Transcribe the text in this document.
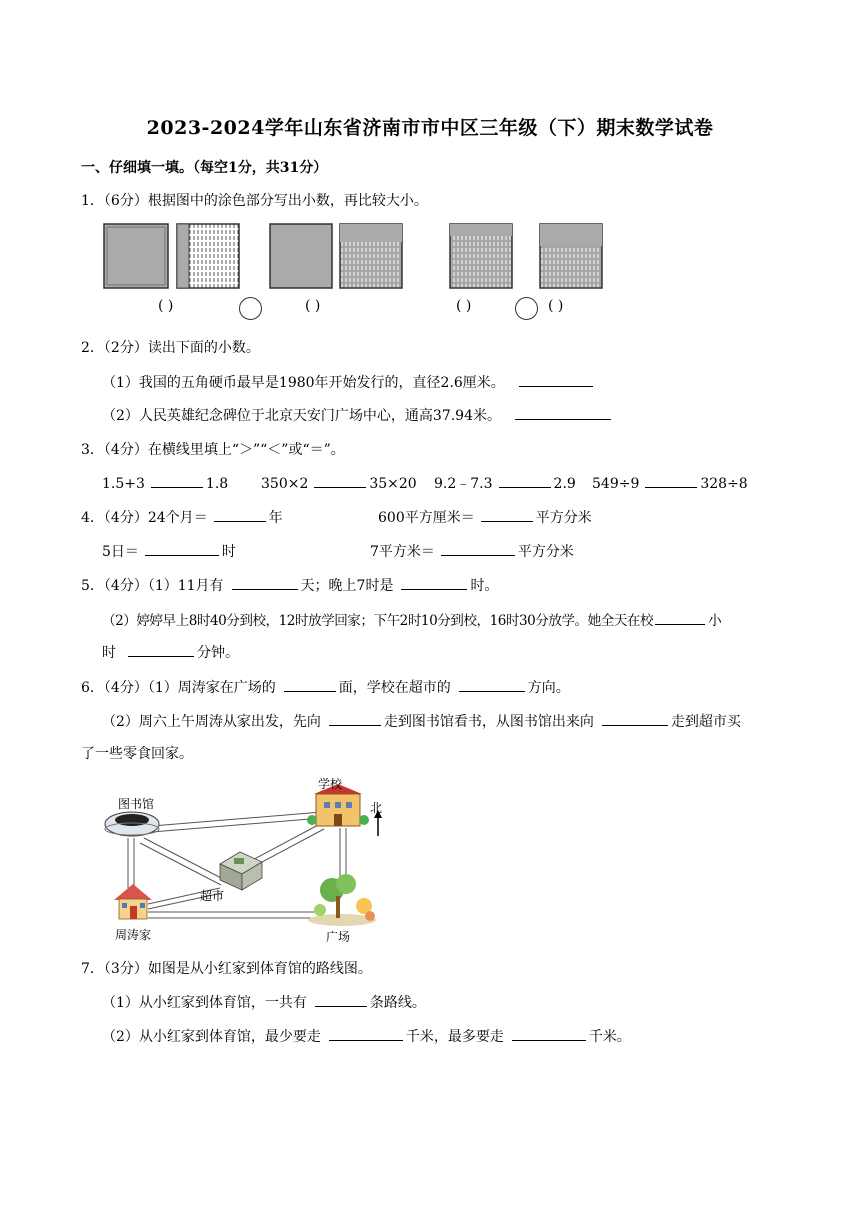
2023-2024学年山东省济南市市中区三年级（下）期末数学试卷
一、仔细填一填。（每空1分，共31分）
1．（6分）根据图中的涂色部分写出小数，再比较大小。
( )	( )	( )	( )
2．（2分）读出下面的小数。
（1）我国的五角硬币最早是1980年开始发行的，直径2.6厘米。
（2）人民英雄纪念碑位于北京天安门广场中心，通高37.94米。
3．（4分）在横线里填上“＞”“＜”或“＝”。
1.5+3	1.8 350×2	35×20 9.2﹣7.3	2.9 549÷9	328÷8
4．（4分）24个月＝	年	600平方厘米＝	平方分米
5日＝	时	7平方米＝	平方分米
5．（4分）（1）11月有	天；晚上7时是	时。
（2）婷婷早上8时40分到校，12时放学回家；下午2时10分到校，16时30分放学。她全天在校	小
时	分钟。
6．（4分）（1）周涛家在广场的	面，学校在超市的	方向。
（2）周六上午周涛从家出发，先向	走到图书馆看书，从图书馆出来向	走到超市买
了一些零食回家。
图书馆
学校
北
超市
周涛家	广场
7．（3分）如图是从小红家到体育馆的路线图。
（1）从小红家到体育馆，一共有	条路线。
（2）从小红家到体育馆，最少要走	千米，最多要走	千米。
